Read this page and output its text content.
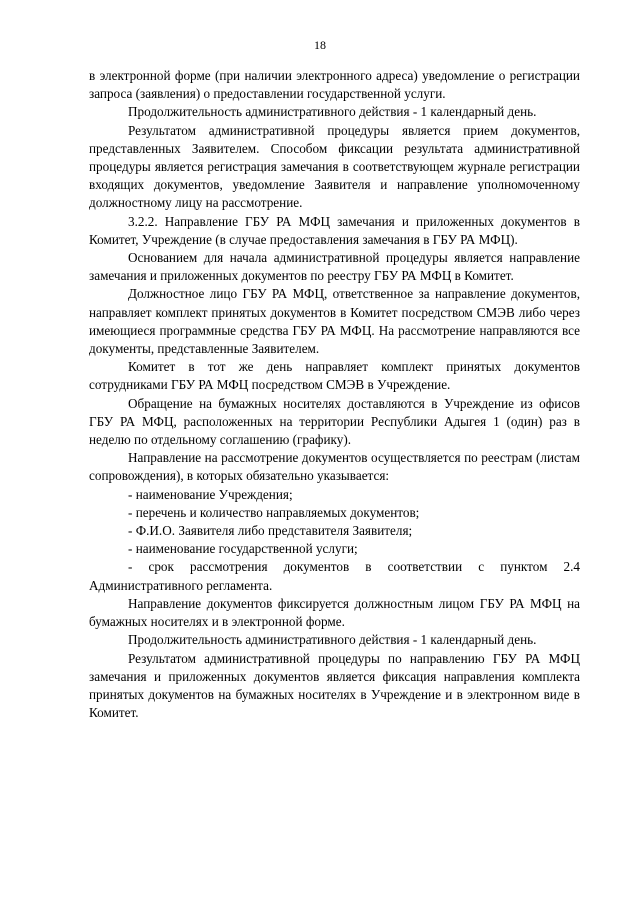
18

в электронной форме (при наличии электронного адреса) уведомление о регистрации запроса (заявления) о предоставлении государственной услуги.

Продолжительность административного действия - 1 календарный день.

Результатом административной процедуры является прием документов, представленных Заявителем. Способом фиксации результата административной процедуры является регистрация замечания в соответствующем журнале регистрации входящих документов, уведомление Заявителя и направление уполномоченному должностному лицу на рассмотрение.

3.2.2. Направление ГБУ РА МФЦ замечания и приложенных документов в Комитет, Учреждение (в случае предоставления замечания в ГБУ РА МФЦ).

Основанием для начала административной процедуры является направление замечания и приложенных документов по реестру ГБУ РА МФЦ в Комитет.

Должностное лицо ГБУ РА МФЦ, ответственное за направление документов, направляет комплект принятых документов в Комитет посредством СМЭВ либо через имеющиеся программные средства ГБУ РА МФЦ. На рассмотрение направляются все документы, представленные Заявителем.

Комитет в тот же день направляет комплект принятых документов сотрудниками ГБУ РА МФЦ посредством СМЭВ в Учреждение.

Обращение на бумажных носителях доставляются в Учреждение из офисов ГБУ РА МФЦ, расположенных на территории Республики Адыгея 1 (один) раз в неделю по отдельному соглашению (графику).

Направление на рассмотрение документов осуществляется по реестрам (листам сопровождения), в которых обязательно указывается:

- наименование Учреждения;

- перечень и количество направляемых документов;

- Ф.И.О. Заявителя либо представителя Заявителя;

- наименование государственной услуги;

- срок рассмотрения документов в соответствии с пунктом 2.4 Административного регламента.

Направление документов фиксируется должностным лицом ГБУ РА МФЦ на бумажных носителях и в электронной форме.

Продолжительность административного действия - 1 календарный день.

Результатом административной процедуры по направлению ГБУ РА МФЦ замечания и приложенных документов является фиксация направления комплекта принятых документов на бумажных носителях в Учреждение и в электронном виде в Комитет.
